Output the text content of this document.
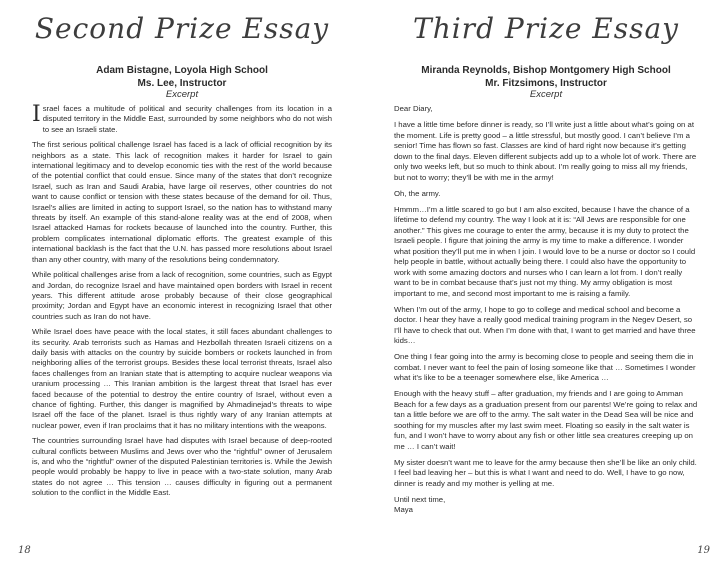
Second Prize Essay
Adam Bistagne, Loyola High School
Ms. Lee, Instructor
Excerpt

Israel faces a multitude of political and security challenges from its location in a disputed territory in the Middle East, surrounded by some neighbors who do not wish to see an Israeli state.

The first serious political challenge Israel has faced is a lack of official recognition by its neighbors as a state. This lack of recognition makes it harder for Israel to gain international legitimacy and to develop economic ties with the rest of the world because of the potential conflict that could ensue. Since many of the states that don’t recognize Israel, such as Iran and Saudi Arabia, have large oil reserves, other countries do not want to cause conflict or tension with these states because of the demand for oil. Thus, Israel’s allies are limited in acting to support Israel, so the nation has to withstand many threats by itself. An example of this stand-alone reality was at the end of 2008, when Israel attacked Hamas for rockets because of launched into the country. Further, this problem complicates international diplomatic efforts. The greatest example of this international backlash is the fact that the U.N. has passed more resolutions about Israel than any other country, with many of the resolutions being condemnatory.

While political challenges arise from a lack of recognition, some countries, such as Egypt and Jordan, do recognize Israel and have maintained open borders with Israel in recent years. This different attitude arose probably because of their close geographical proximity; Jordan and Egypt have an economic interest in recognizing Israel that other countries such as Iran do not have.

While Israel does have peace with the local states, it still faces abundant challenges to its security. Arab terrorists such as Hamas and Hezbollah threaten Israeli citizens on a daily basis with attacks on the country by suicide bombers or rockets launched in from neighboring allies of the terrorist groups. Besides these local terrorist threats, Israel also faces challenges from an Iranian state that is attempting to acquire nuclear weapons via uranium processing … This Iranian ambition is the largest threat that Israel has ever faced because of the potential to destroy the entire country of Israel, without even a chance of fighting. Further, this danger is magnified by Ahmadinejad’s threats to wipe Israel off the face of the planet. Israel is thus rightly wary of any Iranian attempts at nuclear power, even if Iran proclaims that it has no military intentions with the weapons.

The countries surrounding Israel have had disputes with Israel because of deep-rooted cultural conflicts between Muslims and Jews over who the “rightful” owner of Jerusalem is, and who the “rightful” owner of the disputed Palestinian territories is. While the Jewish people would probably be happy to live in peace with a two-state solution, many Arab states do not agree … This tension … causes difficulty in figuring out a permanent solution to the conflict in the Middle East.

18
Third Prize Essay
Miranda Reynolds, Bishop Montgomery High School
Mr. Fitzsimons, Instructor
Excerpt

Dear Diary,

I have a little time before dinner is ready, so I’ll write just a little about what’s going on at the moment. Life is pretty good – a little stressful, but mostly good. I can’t believe I’m a senior! Time has flown so fast. Classes are kind of hard right now because it’s getting down to the final days. Eleven different subjects add up to a whole lot of work. There are only two weeks left, but so much to think about. I’m really going to miss all my friends, but not to worry; they’ll be with me in the army!

Oh, the army.

Hmmm…I’m a little scared to go but I am also excited, because I have the chance of a lifetime to defend my country. The way I look at it is: “All Jews are responsible for one another.” This gives me courage to enter the army, because it is my duty to protect the Israeli people. I figure that joining the army is my time to make a difference. I wonder what position they’ll put me in when I join. I would love to be a nurse or doctor so I could help people in battle, without actually being there. I could also have the opportunity to work with some amazing doctors and nurses who I can learn a lot from. I don’t really want to be in combat because that’s just not my thing. My army obligation is most important to me, and second most important to me is raising a family.

When I’m out of the army, I hope to go to college and medical school and become a doctor. I hear they have a really good medical training program in the Negev Desert, so I’ll have to check that out. When I’m done with that, I want to get married and have three kids…

One thing I fear going into the army is becoming close to people and seeing them die in combat. I never want to feel the pain of losing someone like that … Sometimes I wonder what it’s like to be a teenager somewhere else, like America …

Enough with the heavy stuff – after graduation, my friends and I are going to Amman Beach for a few days as a graduation present from our parents! We’re going to relax and tan a little before we are off to the army. The salt water in the Dead Sea will be nice and soothing for my muscles after my last swim meet. Floating so easily in the salt water is fun, and I won’t have to worry about any fish or other little sea creatures creeping up on me … I can’t wait!

My sister doesn’t want me to leave for the army because then she’ll be like an only child. I feel bad leaving her – but this is what I want and need to do. Well, I have to go now, dinner is ready and my mother is yelling at me.

Until next time,

Maya

19
